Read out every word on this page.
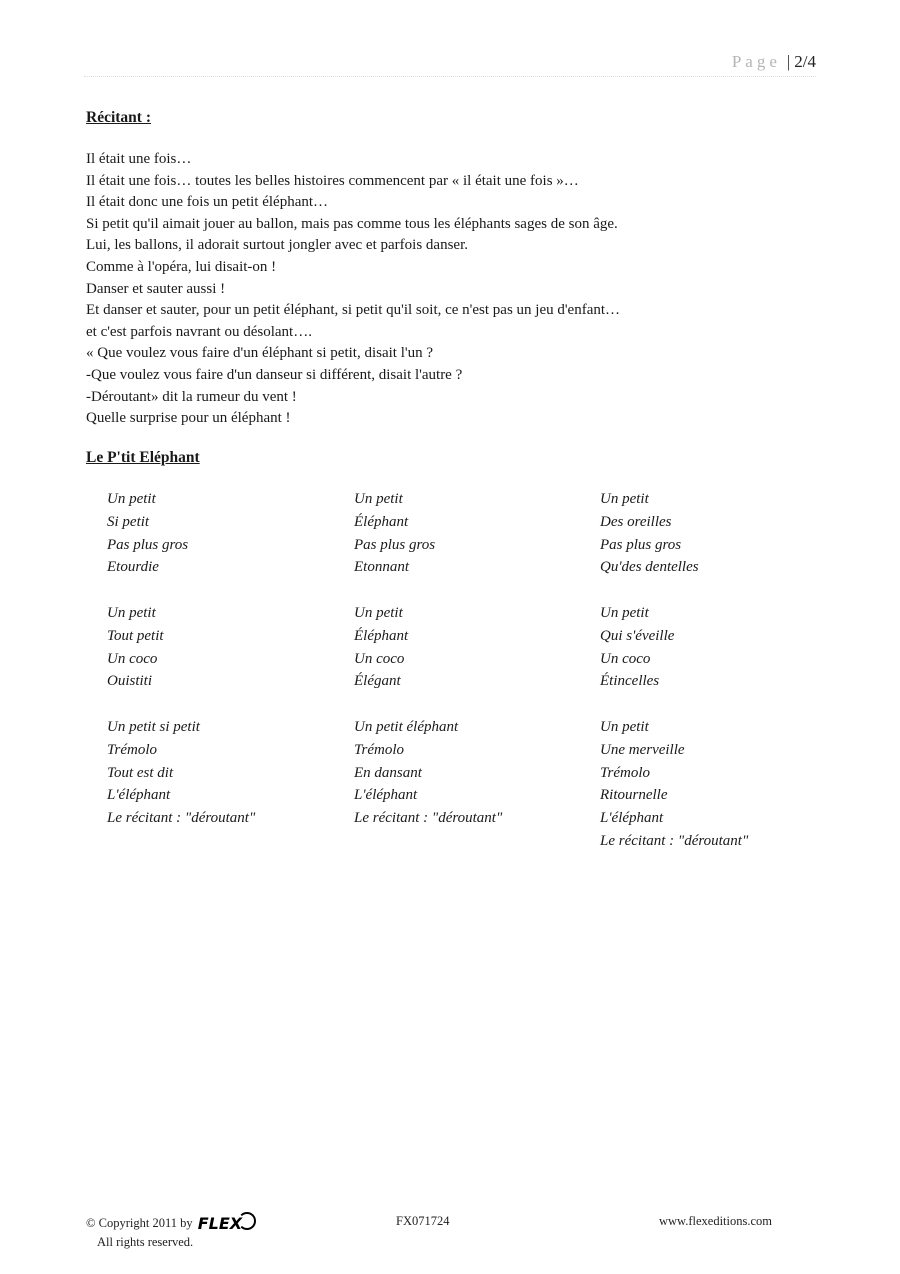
Page | 2/4
Récitant :
Il était une fois…
Il était une fois… toutes les belles histoires commencent par « il était une fois »…
Il était donc une fois un petit éléphant…
Si petit qu'il aimait jouer au ballon, mais pas comme tous les éléphants sages de son âge.
Lui, les ballons, il adorait surtout jongler avec et parfois danser.
Comme à l'opéra, lui disait-on !
Danser et sauter aussi !
Et danser et sauter, pour un petit éléphant, si petit qu'il soit, ce n'est pas un jeu d'enfant…
et c'est parfois navrant ou désolant….
« Que voulez vous faire d'un éléphant si petit, disait l'un ?
-Que voulez vous faire d'un danseur si différent, disait l'autre ?
-Déroutant» dit la rumeur du vent !
Quelle surprise pour un éléphant !
Le P'tit Eléphant
Un petit
Si petit
Pas plus gros
Etourdie
Un petit
Tout petit
Un coco
Ouistiti
Un petit si petit
Trémolo
Tout est dit
L'éléphant
Le récitant : "déroutant"
Un petit
Éléphant
Pas plus gros
Etonnant
Un petit
Éléphant
Un coco
Élégant
Un petit éléphant
Trémolo
En dansant
L'éléphant
Le récitant : "déroutant"
Un petit
Des oreilles
Pas plus gros
Qu'des dentelles
Un petit
Qui s'éveille
Un coco
Étincelles
Un petit
Une merveille
Trémolo
Ritournelle
L'éléphant
Le récitant : "déroutant"
© Copyright 2011 by FLEX
All rights reserved.
FX071724	www.flexeditions.com
